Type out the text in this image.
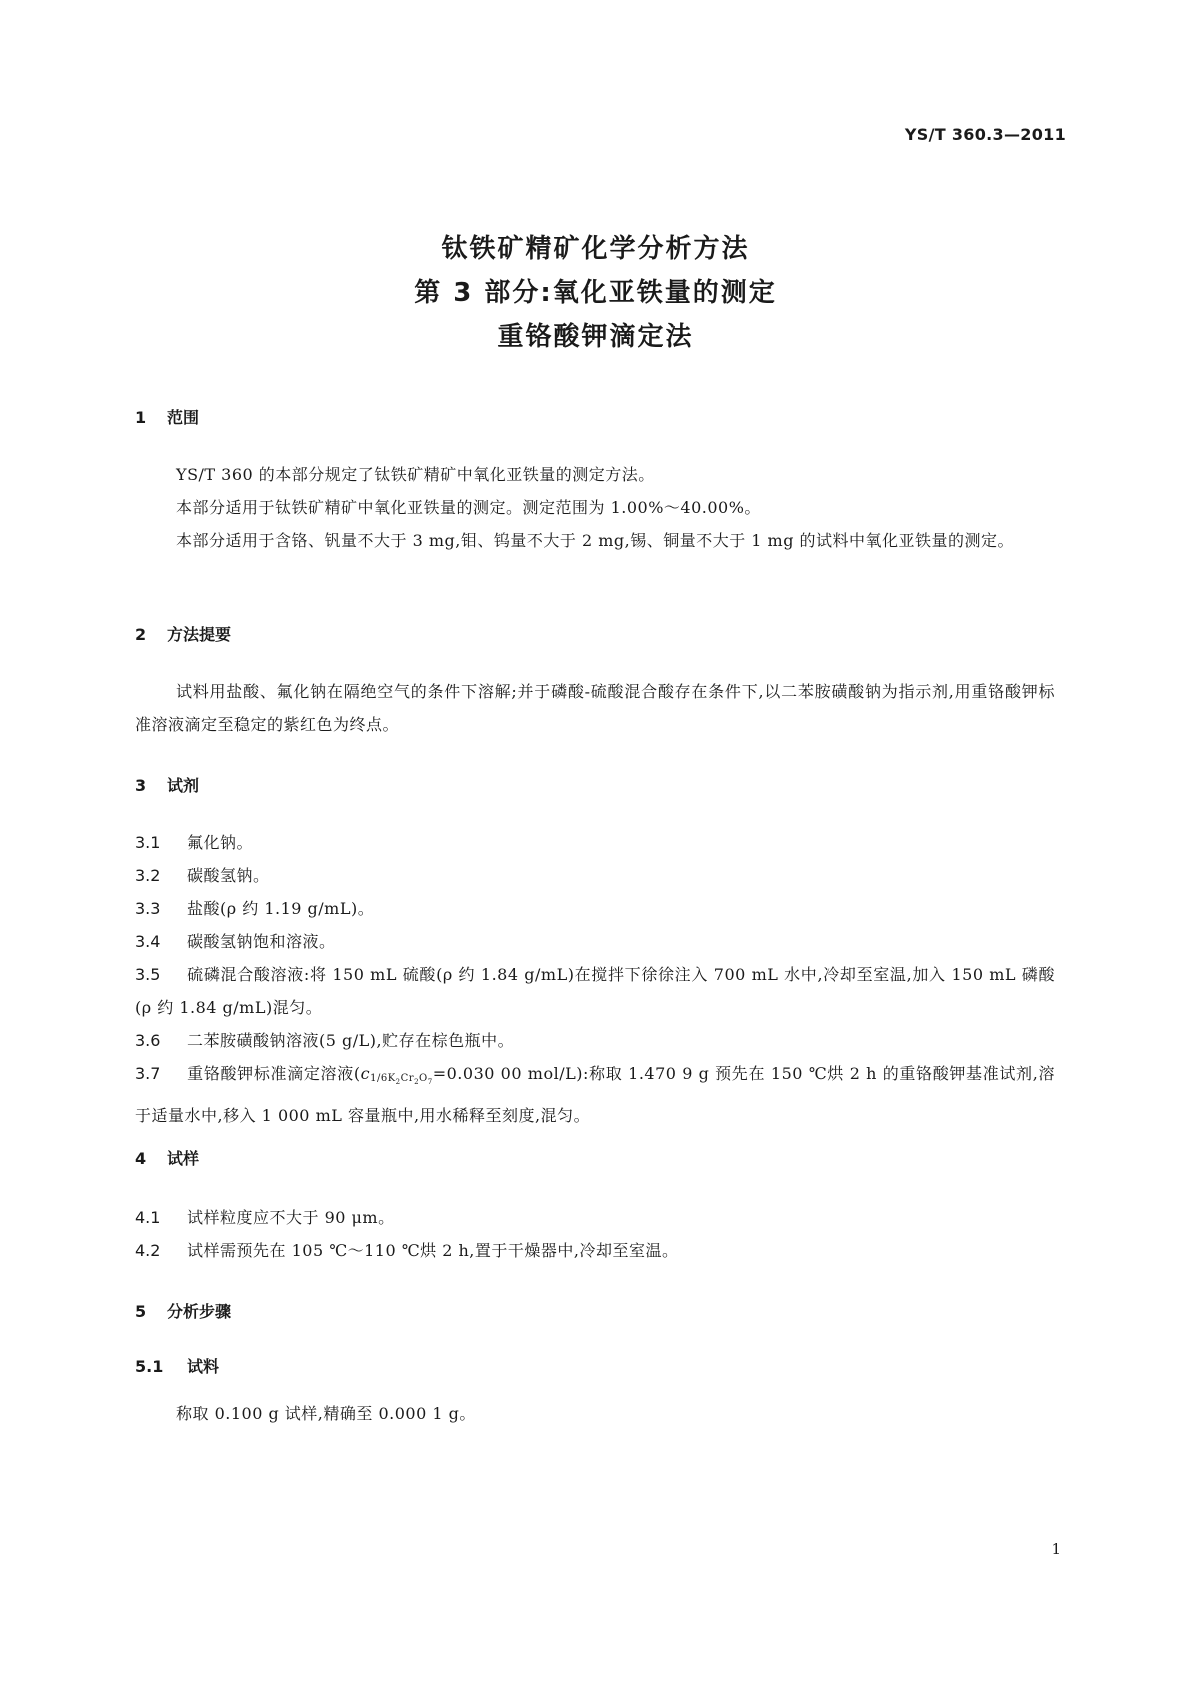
YS/T 360.3—2011
钛铁矿精矿化学分析方法
第 3 部分:氧化亚铁量的测定
重铬酸钾滴定法
1 范围
YS/T 360 的本部分规定了钛铁矿精矿中氧化亚铁量的测定方法。
本部分适用于钛铁矿精矿中氧化亚铁量的测定。测定范围为 1.00%～40.00%。
本部分适用于含铬、钒量不大于 3 mg,钼、钨量不大于 2 mg,锡、铜量不大于 1 mg 的试料中氧化亚铁量的测定。
2 方法提要
试料用盐酸、氟化钠在隔绝空气的条件下溶解;并于磷酸-硫酸混合酸存在条件下,以二苯胺磺酸钠为指示剂,用重铬酸钾标准溶液滴定至稳定的紫红色为终点。
3 试剂
3.1 氟化钠。
3.2 碳酸氢钠。
3.3 盐酸(ρ 约 1.19 g/mL)。
3.4 碳酸氢钠饱和溶液。
3.5 硫磷混合酸溶液:将 150 mL 硫酸(ρ 约 1.84 g/mL)在搅拌下徐徐注入 700 mL 水中,冷却至室温,加入 150 mL 磷酸(ρ 约 1.84 g/mL)混匀。
3.6 二苯胺磺酸钠溶液(5 g/L),贮存在棕色瓶中。
3.7 重铬酸钾标准滴定溶液($c_{1/6K_2Cr_2O_7}=0.030$ 00 mol/L):称取 1.470 9 g 预先在 150 ℃烘 2 h 的重铬酸钾基准试剂,溶于适量水中,移入 1 000 mL 容量瓶中,用水稀释至刻度,混匀。
4 试样
4.1 试样粒度应不大于 90 μm。
4.2 试样需预先在 105 ℃～110 ℃烘 2 h,置于干燥器中,冷却至室温。
5 分析步骤
5.1 试料
称取 0.100 g 试样,精确至 0.000 1 g。
1
